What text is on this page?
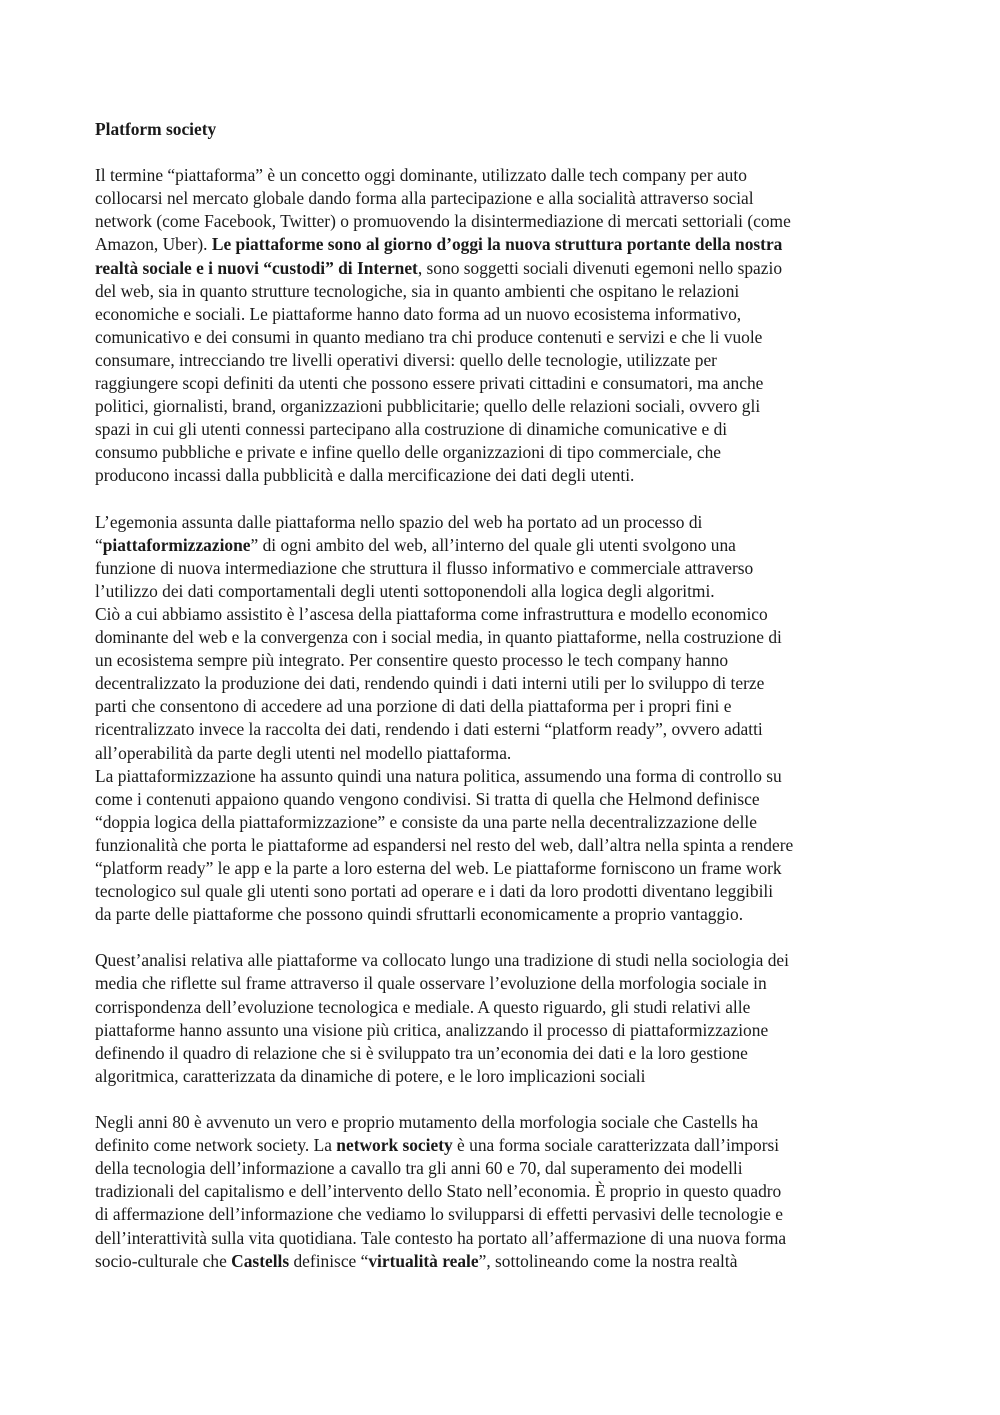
Platform society
Il termine “piattaforma” è un concetto oggi dominante, utilizzato dalle tech company per auto
collocarsi nel mercato globale dando forma alla partecipazione e alla socialità attraverso social
network (come Facebook, Twitter) o promuovendo la disintermediazione di mercati settoriali (come
Amazon, Uber). Le piattaforme sono al giorno d’oggi la nuova struttura portante della nostra
realtà sociale e i nuovi “custodi” di Internet, sono soggetti sociali divenuti egemoni nello spazio
del web, sia in quanto strutture tecnologiche, sia in quanto ambienti che ospitano le relazioni
economiche e sociali. Le piattaforme hanno dato forma ad un nuovo ecosistema informativo,
comunicativo e dei consumi in quanto mediano tra chi produce contenuti e servizi e che li vuole
consumare, intrecciando tre livelli operativi diversi: quello delle tecnologie, utilizzate per
raggiungere scopi definiti da utenti che possono essere privati cittadini e consumatori, ma anche
politici, giornalisti, brand, organizzazioni pubblicitarie; quello delle relazioni sociali, ovvero gli
spazi in cui gli utenti connessi partecipano alla costruzione di dinamiche comunicative e di
consumo pubbliche e private e infine quello delle organizzazioni di tipo commerciale, che
producono incassi dalla pubblicità e dalla mercificazione dei dati degli utenti.
L’egemonia assunta dalle piattaforma nello spazio del web ha portato ad un processo di
“piattaformizzazione” di ogni ambito del web, all’interno del quale gli utenti svolgono una
funzione di nuova intermediazione che struttura il flusso informativo e commerciale attraverso
l’utilizzo dei dati comportamentali degli utenti sottoponendoli alla logica degli algoritmi.
Ciò a cui abbiamo assistito è l’ascesa della piattaforma come infrastruttura e modello economico
dominante del web e la convergenza con i social media, in quanto piattaforme, nella costruzione di
un ecosistema sempre più integrato. Per consentire questo processo le tech company hanno
decentralizzato la produzione dei dati, rendendo quindi i dati interni utili per lo sviluppo di terze
parti che consentono di accedere ad una porzione di dati della piattaforma per i propri fini e
ricentralizzato invece la raccolta dei dati, rendendo i dati esterni “platform ready”, ovvero adatti
all’operabilità da parte degli utenti nel modello piattaforma.
La piattaformizzazione ha assunto quindi una natura politica, assumendo una forma di controllo su
come i contenuti appaiono quando vengono condivisi. Si tratta di quella che Helmond definisce
“doppia logica della piattaformizzazione” e consiste da una parte nella decentralizzazione delle
funzionalità che porta le piattaforme ad espandersi nel resto del web, dall’altra nella spinta a rendere
“platform ready” le app e la parte a loro esterna del web. Le piattaforme forniscono un frame work
tecnologico sul quale gli utenti sono portati ad operare e i dati da loro prodotti diventano leggibili
da parte delle piattaforme che possono quindi sfruttarli economicamente a proprio vantaggio.
Quest’analisi relativa alle piattaforme va collocato lungo una tradizione di studi nella sociologia dei
media che riflette sul frame attraverso il quale osservare l’evoluzione della morfologia sociale in
corrispondenza dell’evoluzione tecnologica e mediale. A questo riguardo, gli studi relativi alle
piattaforme hanno assunto una visione più critica, analizzando il processo di piattaformizzazione
definendo il quadro di relazione che si è sviluppato tra un’economia dei dati e la loro gestione
algoritmica, caratterizzata da dinamiche di potere, e le loro implicazioni sociali
Negli anni 80 è avvenuto un vero e proprio mutamento della morfologia sociale che Castells ha
definito come network society. La network society è una forma sociale caratterizzata dall’imporsi
della tecnologia dell’informazione a cavallo tra gli anni 60 e 70, dal superamento dei modelli
tradizionali del capitalismo e dell’intervento dello Stato nell’economia. È proprio in questo quadro
di affermazione dell’informazione che vediamo lo svilupparsi di effetti pervasivi delle tecnologie e
dell’interattività sulla vita quotidiana. Tale contesto ha portato all’affermazione di una nuova forma
socio-culturale che Castells definisce “virtualità reale”, sottolineando come la nostra realtà
